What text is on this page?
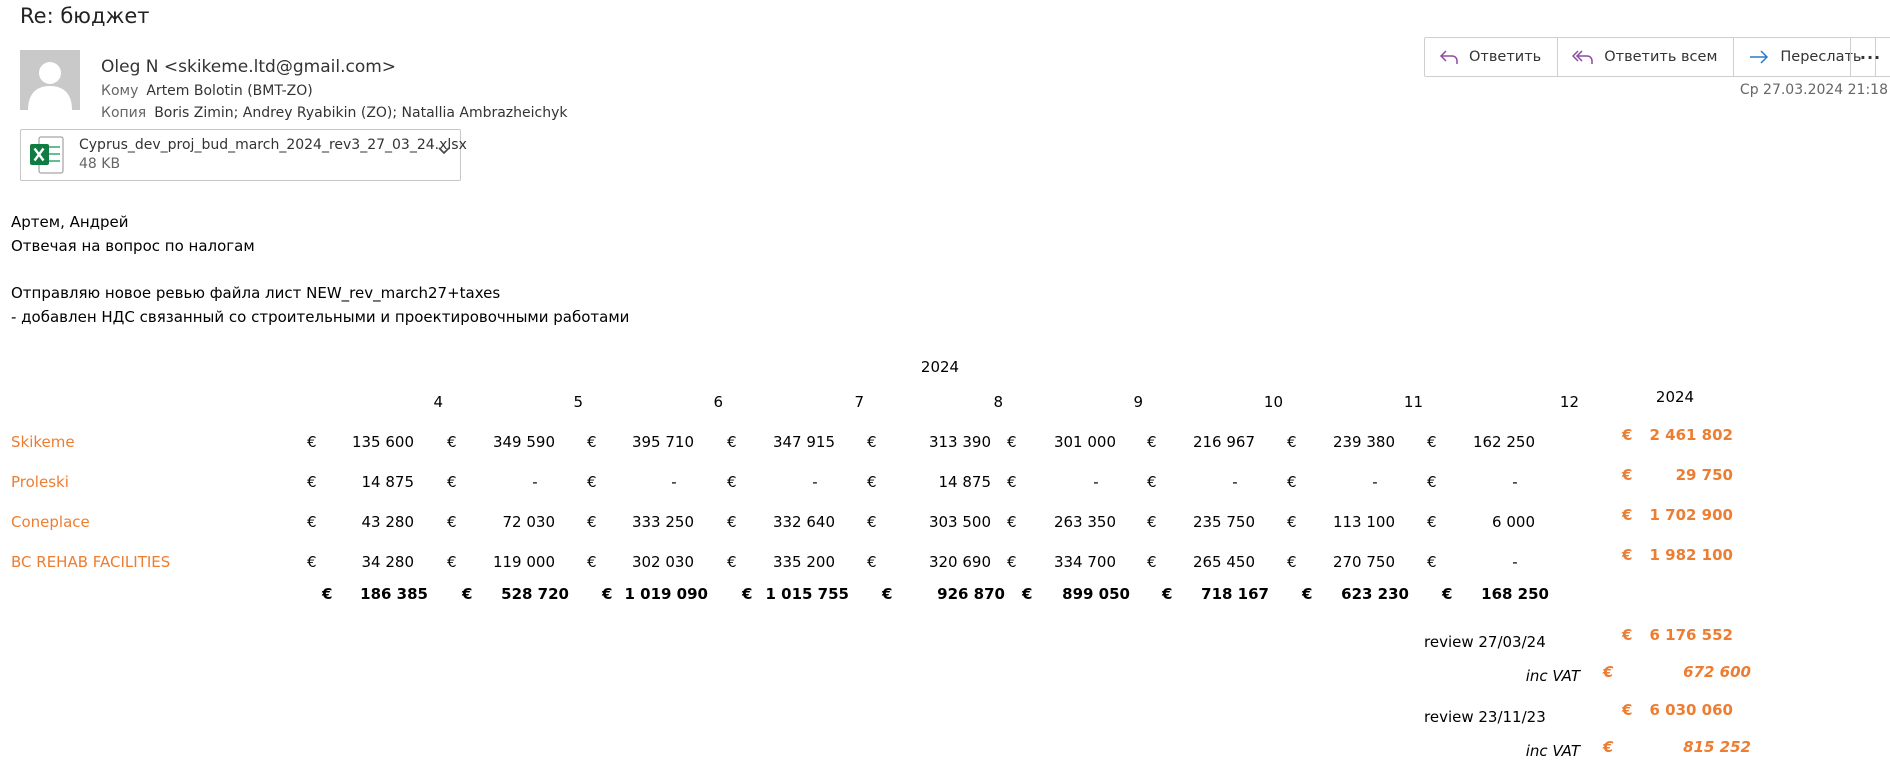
Re: бюджет
Oleg N <skikeme.ltd@gmail.com>
Кому Artem Bolotin (BMT-ZO)
Копия Boris Zimin; Andrey Ryabikin (ZO); Natallia Ambrazheichyk
Ответить	Ответить всем	Переслать
···
Ср 27.03.2024 21:18
Cyprus_dev_proj_bud_march_2024_rev3_27_03_24.xlsx
48 KB
Артем, Андрей
Отвечая на вопрос по налогам
Отправляю новое ревью файла лист NEW_rev_march27+taxes
- добавлен НДС связанный со строительными и проектировочными работами
2024
2024
4	5	6	7	8	9	10	11	12
Skikeme	€	135 600 €	349 590 €	395 710 €	347 915 €	313 390 €	301 000 €	216 967 €	239 380 €	162 250	€	2 461 802
Proleski	€	14 875 €	-	€	-	€	-	€	14 875 €	-	€	-	€	-	€	-	€	29 750
Coneplace	€	43 280 €	72 030 €	333 250 €	332 640 €	303 500 €	263 350 €	235 750 €	113 100 €	6 000	€	1 702 900
BC REHAB FACILITIES	€	34 280 €	119 000 €	302 030 €	335 200 €	320 690 €	334 700 €	265 450 €	270 750 €	-	€	1 982 100
€	186 385 €	528 720 € 1 019 090 € 1 015 755 €	926 870 €	899 050 €	718 167 €	623 230 €	168 250
review 27/03/24	€	6 176 552
inc VAT €	672 600
review 23/11/23	€	6 030 060
inc VAT €	815 252
